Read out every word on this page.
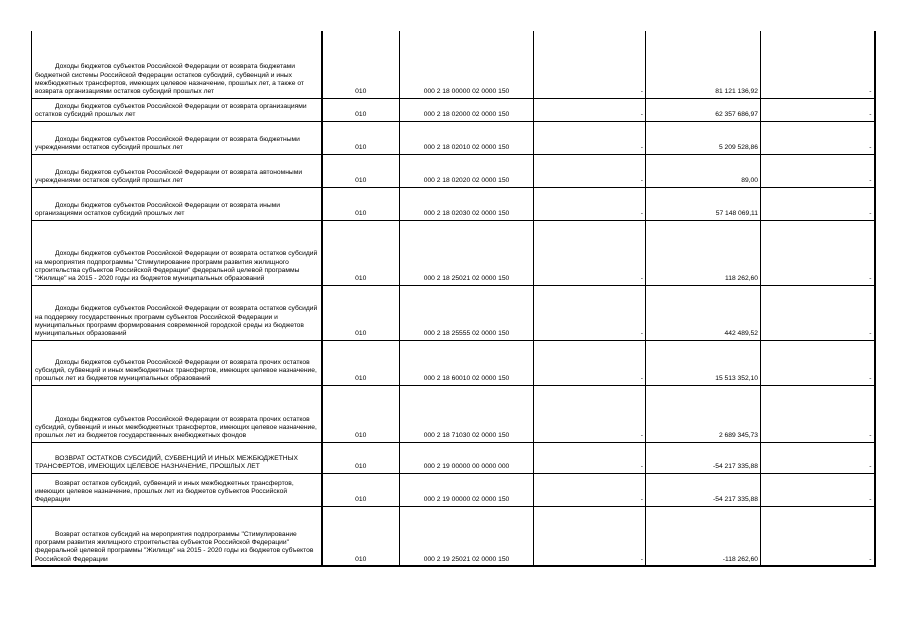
Доходы бюджетов субъектов Российской Федерации от возврата бюджетами бюджетной системы Российской Федерации остатков субсидий, субвенций и иных межбюджетных трансфертов, имеющих целевое назначение, прошлых лет, а также от возврата организациями остатков субсидий прошлых лет	010	000 2 18 00000 02 0000 150	-	81 121 136,92	-

Доходы бюджетов субъектов Российской Федерации от возврата организациями остатков субсидий прошлых лет	010	000 2 18 02000 02 0000 150	-	62 357 686,97	-

Доходы бюджетов субъектов Российской Федерации от возврата бюджетными учреждениями остатков субсидий прошлых лет	010	000 2 18 02010 02 0000 150	-	5 209 528,86	-

Доходы бюджетов субъектов Российской Федерации от возврата автономными учреждениями остатков субсидий прошлых лет	010	000 2 18 02020 02 0000 150	-	89,00	-

Доходы бюджетов субъектов Российской Федерации от возврата иными организациями остатков субсидий прошлых лет	010	000 2 18 02030 02 0000 150	-	57 148 069,11	-

Доходы бюджетов субъектов Российской Федерации от возврата остатков субсидий на мероприятия подпрограммы "Стимулирование программ развития жилищного строительства субъектов Российской Федерации" федеральной целевой программы "Жилище" на 2015 - 2020 годы из бюджетов муниципальных образований	010	000 2 18 25021 02 0000 150	-	118 262,60	-

Доходы бюджетов субъектов Российской Федерации от возврата остатков субсидий на поддержку государственных программ субъектов Российской Федерации и муниципальных программ формирования современной городской среды из бюджетов муниципальных образований	010	000 2 18 25555 02 0000 150	-	442 489,52	-

Доходы бюджетов субъектов Российской Федерации от возврата прочих остатков субсидий, субвенций и иных межбюджетных трансфертов, имеющих целевое назначение, прошлых лет из бюджетов муниципальных образований	010	000 2 18 60010 02 0000 150	-	15 513 352,10	-

Доходы бюджетов субъектов Российской Федерации от возврата прочих остатков субсидий, субвенций и иных межбюджетных трансфертов, имеющих целевое назначение, прошлых лет из бюджетов государственных внебюджетных фондов	010	000 2 18 71030 02 0000 150	-	2 689 345,73	-

ВОЗВРАТ ОСТАТКОВ СУБСИДИЙ, СУБВЕНЦИЙ И ИНЫХ МЕЖБЮДЖЕТНЫХ ТРАНСФЕРТОВ, ИМЕЮЩИХ ЦЕЛЕВОЕ НАЗНАЧЕНИЕ, ПРОШЛЫХ ЛЕТ	010	000 2 19 00000 00 0000 000	-	-54 217 335,88	-

Возврат остатков субсидий, субвенций и иных межбюджетных трансфертов, имеющих целевое назначение, прошлых лет из бюджетов субъектов Российской Федерации	010	000 2 19 00000 02 0000 150	-	-54 217 335,88	-

Возврат остатков субсидий на мероприятия подпрограммы "Стимулирование программ развития жилищного строительства субъектов Российской Федерации" федеральной целевой программы "Жилище" на 2015 - 2020 годы из бюджетов субъектов Российской Федерации	010	000 2 19 25021 02 0000 150	-	-118 262,60	-
